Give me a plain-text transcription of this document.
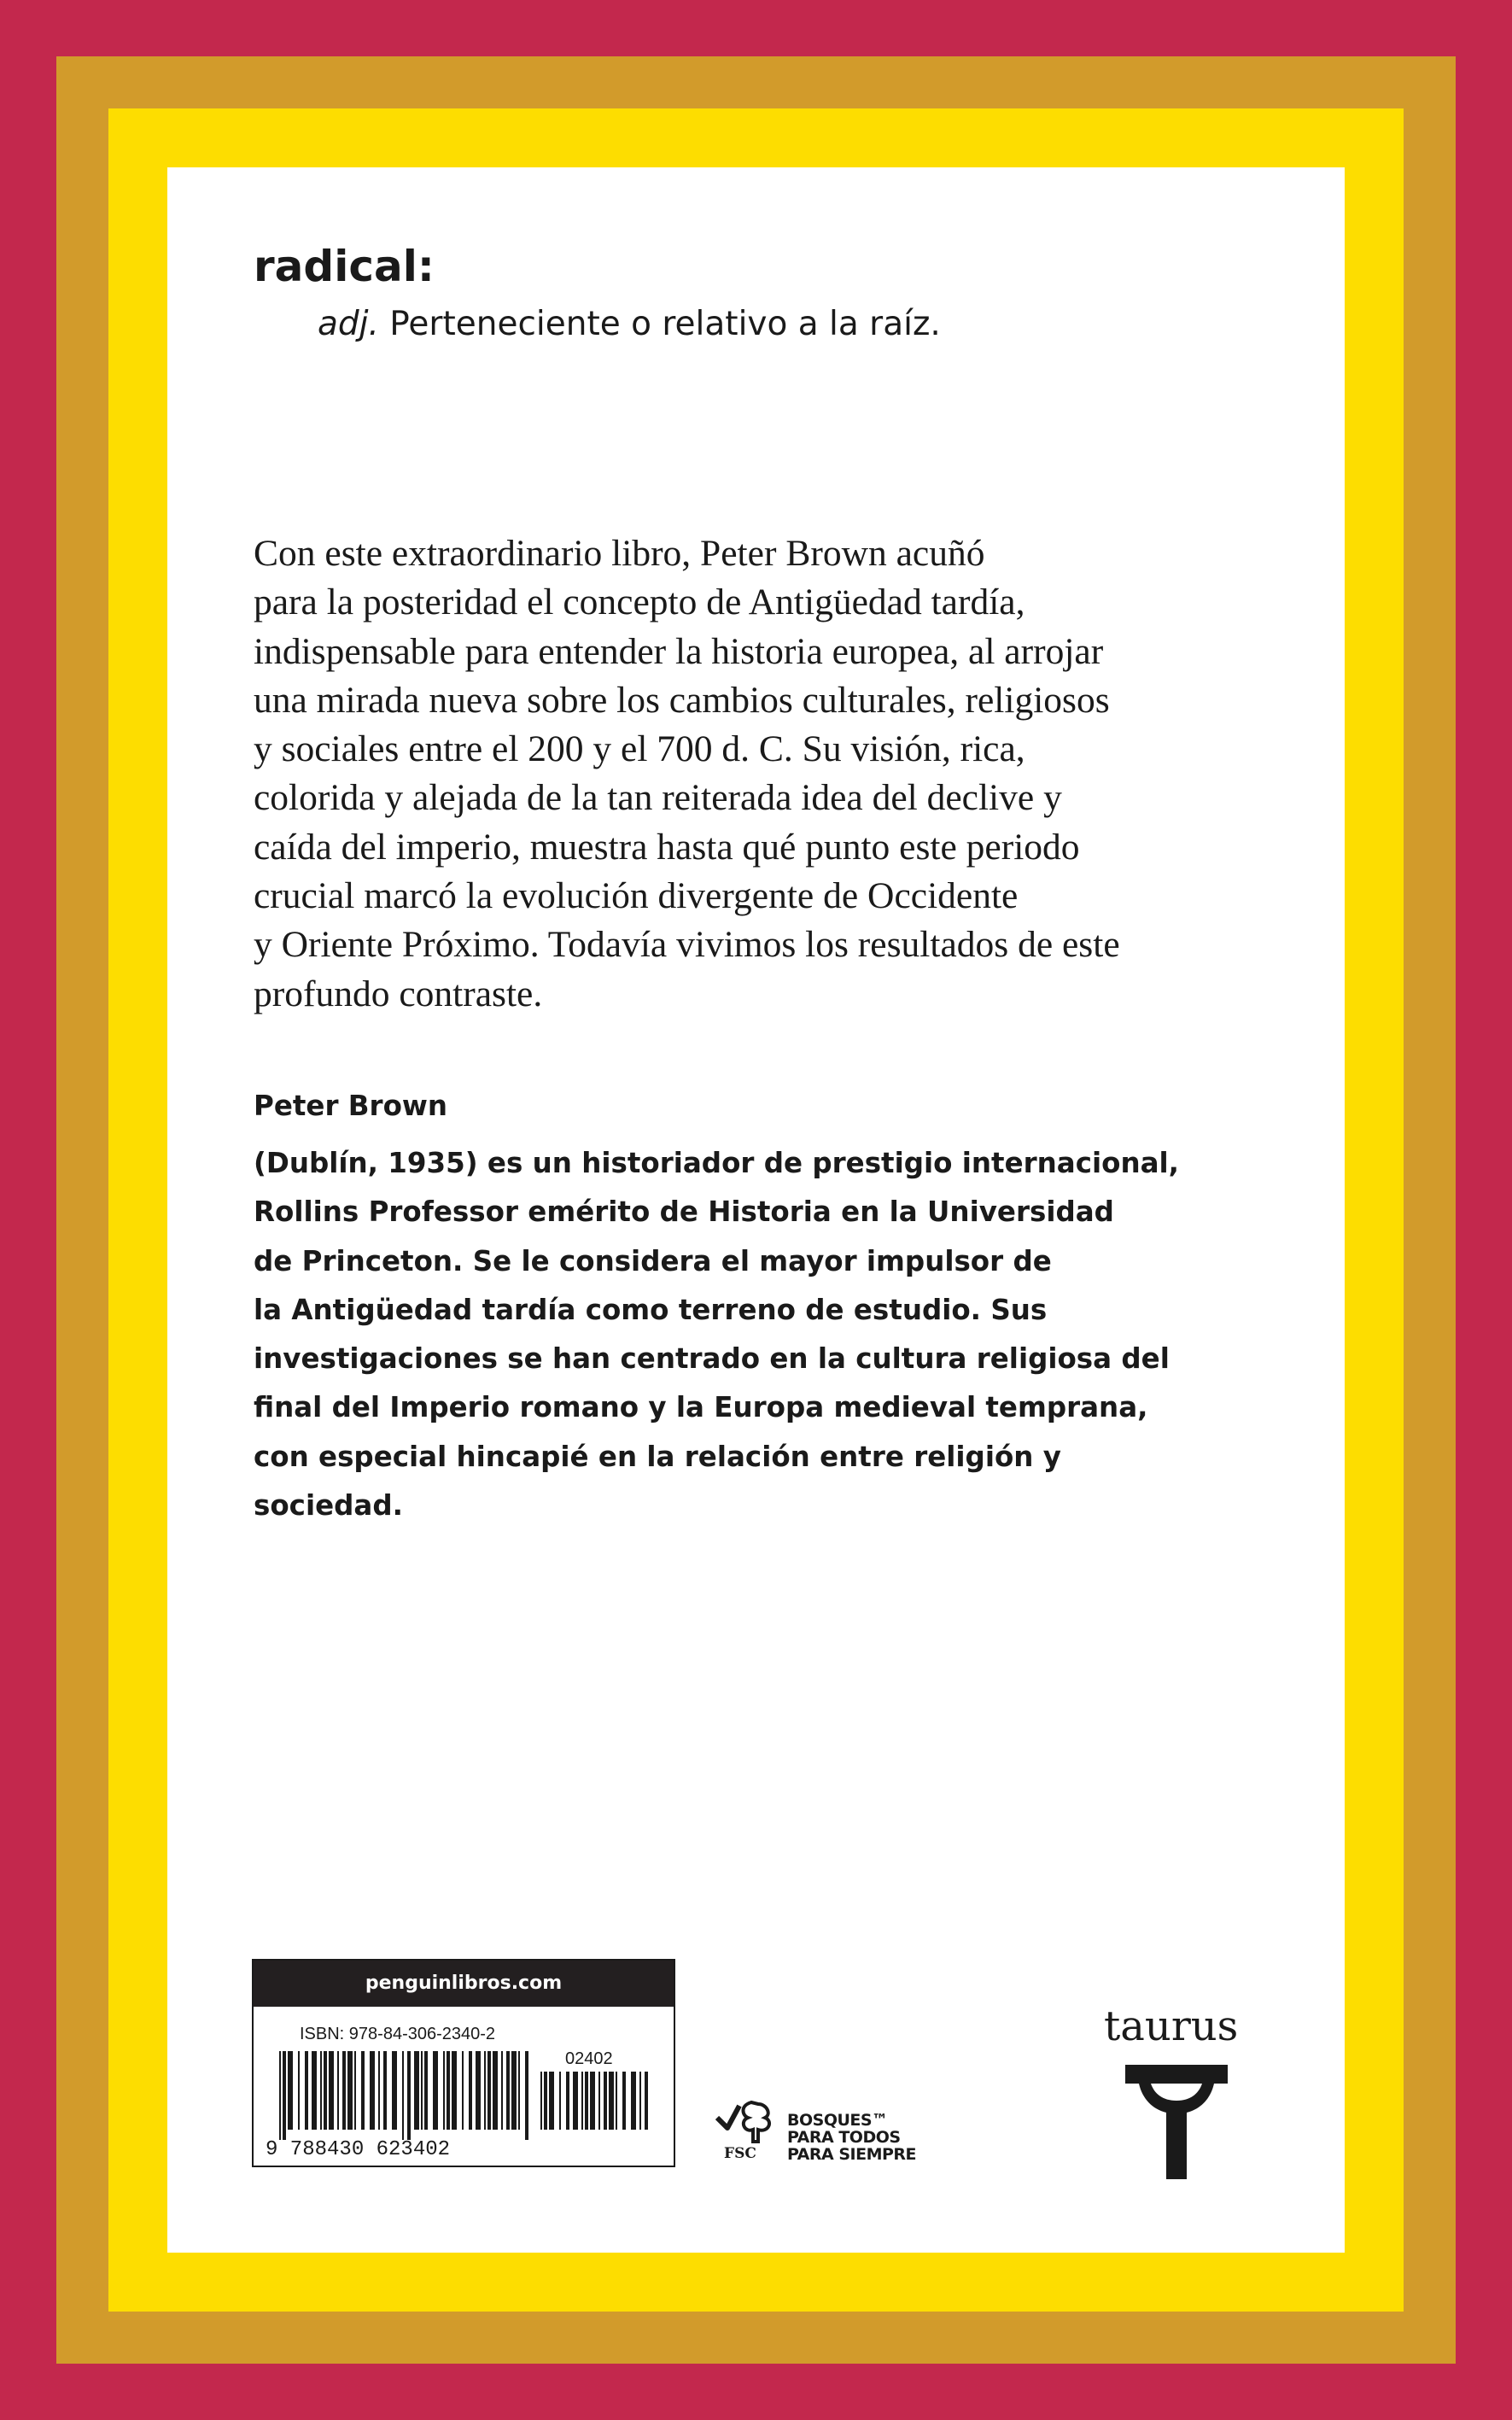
radical:
adj. Perteneciente o relativo a la raíz.
Con este extraordinario libro, Peter Brown acuñó
para la posteridad el concepto de Antigüedad tardía,
indispensable para entender la historia europea, al arrojar
una mirada nueva sobre los cambios culturales, religiosos
y sociales entre el 200 y el 700 d. C. Su visión, rica,
colorida y alejada de la tan reiterada idea del declive y
caída del imperio, muestra hasta qué punto este periodo
crucial marcó la evolución divergente de Occidente
y Oriente Próximo. Todavía vivimos los resultados de este
profundo contraste.
Peter Brown
(Dublín, 1935) es un historiador de prestigio internacional,
Rollins Professor emérito de Historia en la Universidad
de Princeton. Se le considera el mayor impulsor de
la Antigüedad tardía como terreno de estudio. Sus
investigaciones se han centrado en la cultura religiosa del
final del Imperio romano y la Europa medieval temprana,
con especial hincapié en la relación entre religión y
sociedad.
penguinlibros.com
ISBN: 978-84-306-2340-2
02402
9 788430 623402	FSC
BOSQUES™
PARA TODOS
PARA SIEMPRE
taurus
